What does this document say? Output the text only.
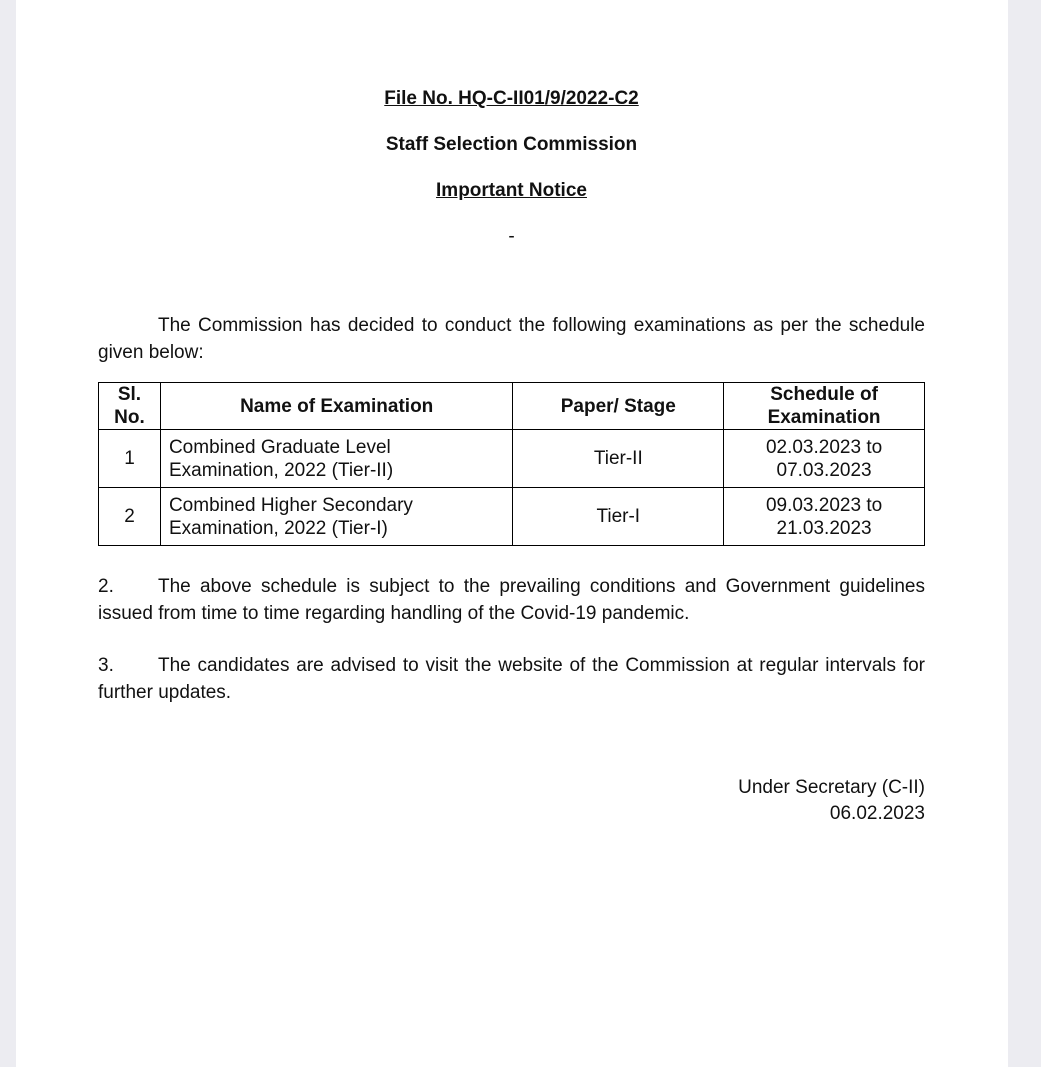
File No. HQ-C-II01/9/2022-C2
Staff Selection Commission
Important Notice
-
The Commission has decided to conduct the following examinations as per the schedule given below:
Sl. No.	Name of Examination	Paper/ Stage	Schedule of Examination
1	Combined Graduate Level Examination, 2022 (Tier-II)	Tier-II	02.03.2023 to 07.03.2023
2	Combined Higher Secondary Examination, 2022 (Tier-I)	Tier-I	09.03.2023 to 21.03.2023
2. The above schedule is subject to the prevailing conditions and Government guidelines issued from time to time regarding handling of the Covid-19 pandemic.
3. The candidates are advised to visit the website of the Commission at regular intervals for further updates.
Under Secretary (C-II)
06.02.2023
